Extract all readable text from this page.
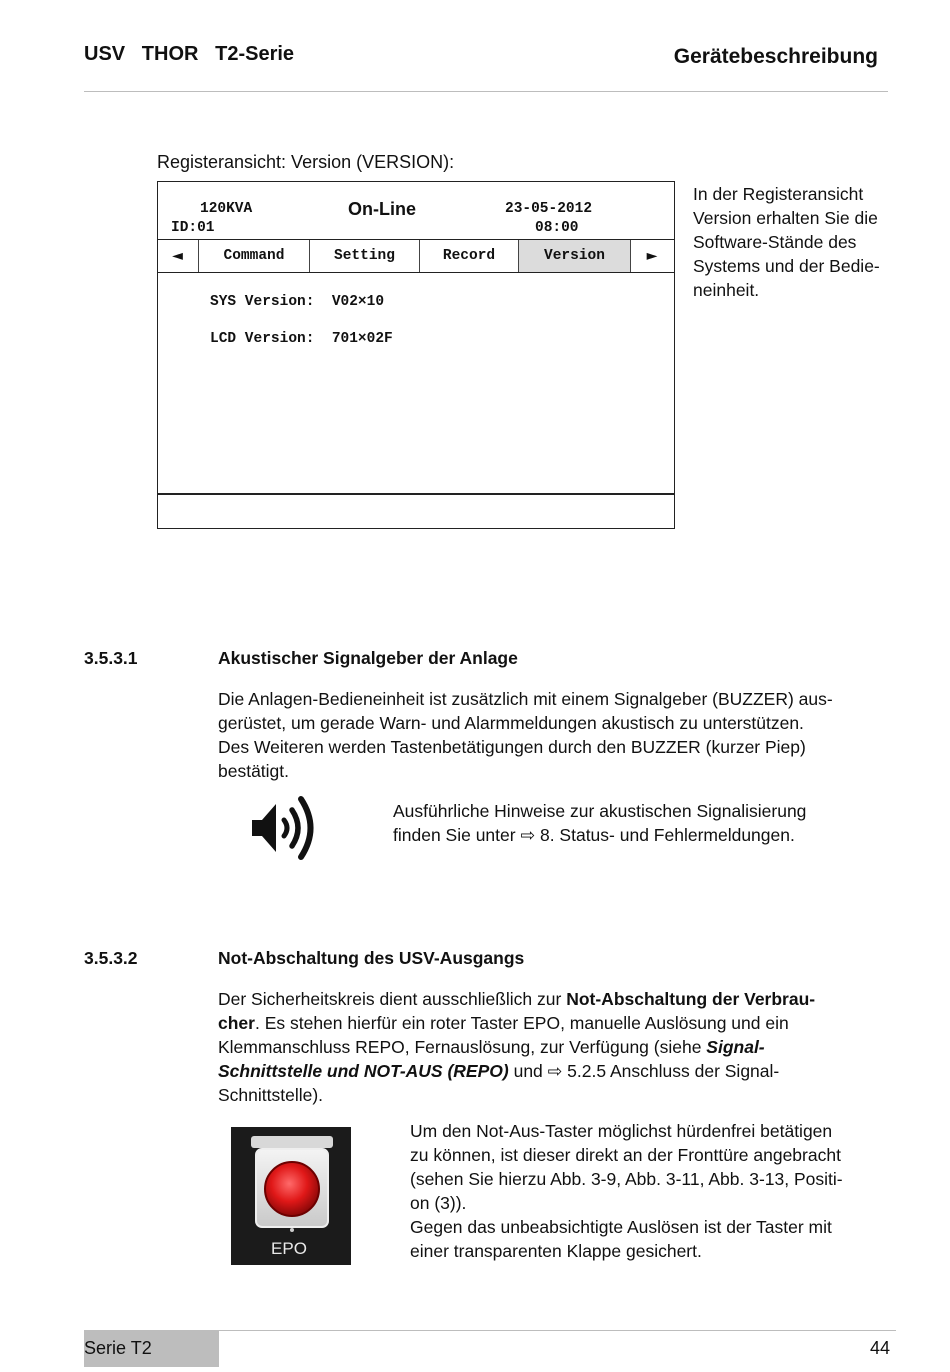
USV   THOR   T2-Serie	Gerätebeschreibung
Registeransicht: Version (VERSION):
120KVA	On-Line	23-05-2012
ID:01	08:00
◄	Command	Setting	Record	Version	►
SYS Version:  V02×10
LCD Version:  701×02F
In der Registeransicht
Version erhalten Sie die
Software-Stände des
Systems und der Bedie-
neinheit.
3.5.3.1	Akustischer Signalgeber der Anlage
Die Anlagen-Bedieneinheit ist zusätzlich mit einem Signalgeber (BUZZER) aus-
gerüstet, um gerade Warn- und Alarmmeldungen akustisch zu unterstützen.
Des Weiteren werden Tastenbetätigungen durch den BUZZER (kurzer Piep)
bestätigt.
Ausführliche Hinweise zur akustischen Signalisierung
finden Sie unter ⇨ 8. Status- und Fehlermeldungen.
3.5.3.2	Not-Abschaltung des USV-Ausgangs
Der Sicherheitskreis dient ausschließlich zur Not-Abschaltung der Verbrau-
cher. Es stehen hierfür ein roter Taster EPO, manuelle Auslösung und ein
Klemmanschluss REPO, Fernauslösung, zur Verfügung (siehe Signal-
Schnittstelle und NOT-AUS (REPO) und ⇨ 5.2.5 Anschluss der Signal-
Schnittstelle).
EPO
Um den Not-Aus-Taster möglichst hürdenfrei betätigen
zu können, ist dieser direkt an der Fronttüre angebracht
(sehen Sie hierzu Abb. 3-9, Abb. 3-11, Abb. 3-13, Positi-
on (3)).
Gegen das unbeabsichtigte Auslösen ist der Taster mit
einer transparenten Klappe gesichert.
Serie T2	44
